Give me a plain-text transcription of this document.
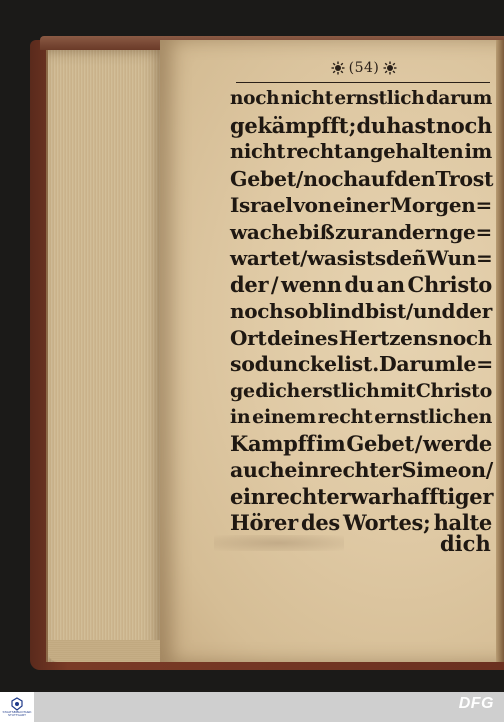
(54)
noch nicht ernstlich darum
gekämpfft ; du hast noch
nicht recht angehalten im
Gebet/ noch auf den Trost
Israel von einer Morgen=
wache biß zur andern ge=
wartet/was ists deñ Wun=
der / wenn du an Christo
noch so blind bist/und der
Ort deines Hertzens noch
so dunckel ist. Darum le=
ge dich erstlich mit Christo
in einem recht ernstlichen
Kampff im Gebet / werde
auch ein rechter Simeon /
ein rechter warhafftiger
Hörer des Wortes; halte
dich
STAATSBIBLIOTHEK STUTTGART
DFG
